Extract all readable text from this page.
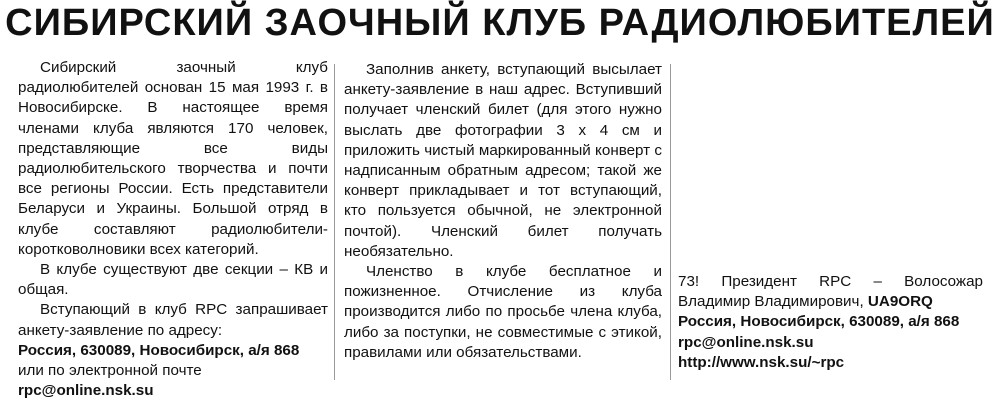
СИБИРСКИЙ ЗАОЧНЫЙ КЛУБ РАДИОЛЮБИТЕЛЕЙ

Сибирский заочный клуб радиолюбителей основан 15 мая 1993 г. в Новосибирске. В настоящее время членами клуба являются 170 человек, представляющие все виды радиолюбительского творчества и почти все регионы России. Есть представители Беларуси и Украины. Большой отряд в клубе составляют радиолюбители-коротковолновики всех категорий.

В клубе существуют две секции – КВ и общая.

Вступающий в клуб RPC запрашивает анкету-заявление по адресу:

Россия, 630089, Новосибирск, а/я 868

или по электронной почте

rpc@online.nsk.su

Заполнив анкету, вступающий высылает анкету-заявление в наш адрес. Вступивший получает членский билет (для этого нужно выслать две фотографии 3 х 4 см и приложить чистый маркированный конверт с надписанным обратным адресом; такой же конверт прикладывает и тот вступающий, кто пользуется обычной, не электронной почтой). Членский билет получать необязательно.

Членство в клубе бесплатное и пожизненное. Отчисление из клуба производится либо по просьбе члена клуба, либо за поступки, не совместимые с этикой, правилами или обязательствами.

73! Президент RPC – Волосожар Владимир Владимирович, UA9ORQ

Россия, Новосибирск, 630089, а/я 868

rpc@online.nsk.su

http://www.nsk.su/~rpc
